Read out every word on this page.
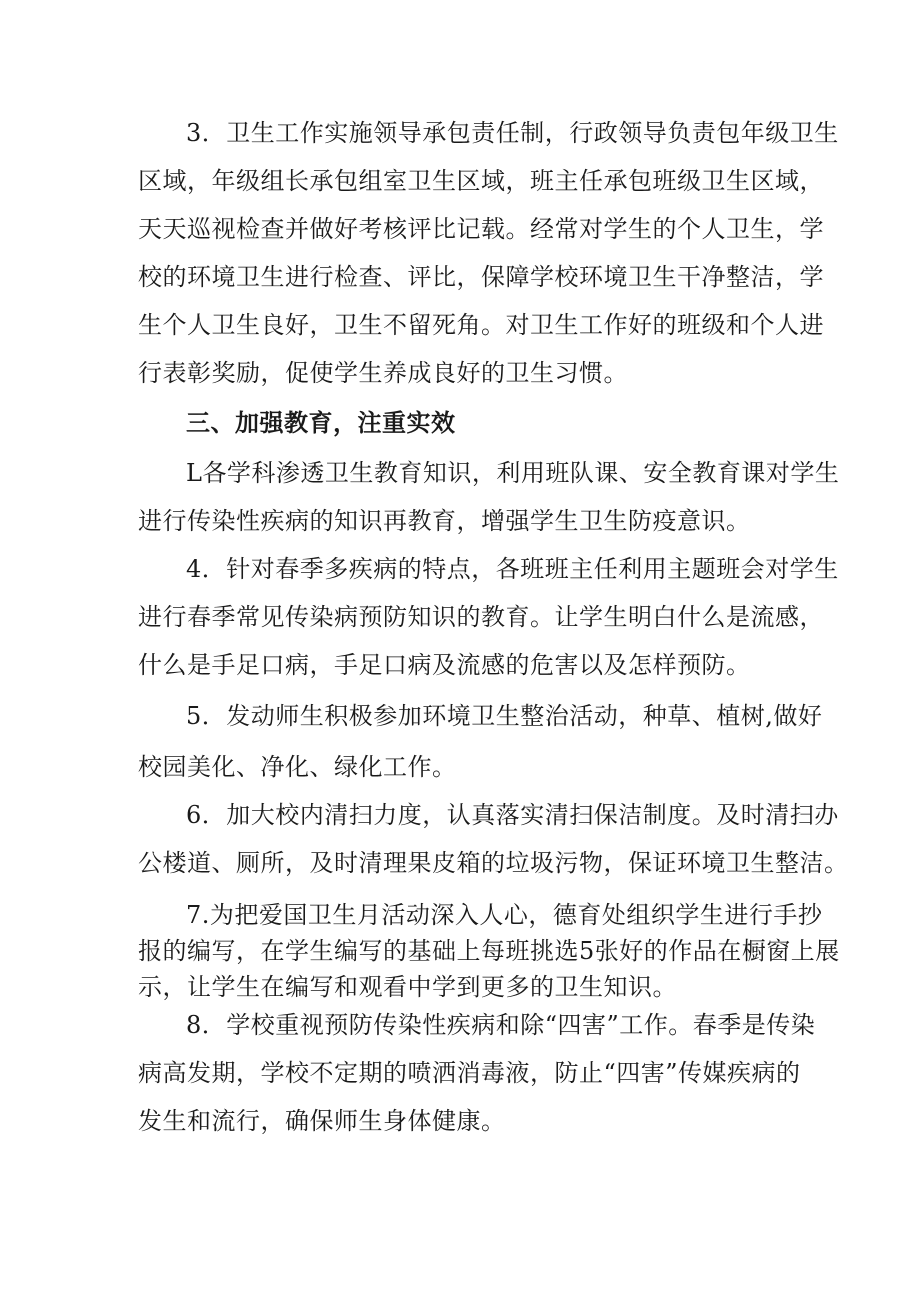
3．卫生工作实施领导承包责任制，行政领导负责包年级卫生
区域，年级组长承包组室卫生区域，班主任承包班级卫生区域，
天天巡视检查并做好考核评比记载。经常对学生的个人卫生，学
校的环境卫生进行检查、评比，保障学校环境卫生干净整洁，学
生个人卫生良好，卫生不留死角。对卫生工作好的班级和个人进
行表彰奖励，促使学生养成良好的卫生习惯。
三、加强教育，注重实效
L各学科渗透卫生教育知识，利用班队课、安全教育课对学生
进行传染性疾病的知识再教育，增强学生卫生防疫意识。
4．针对春季多疾病的特点，各班班主任利用主题班会对学生
进行春季常见传染病预防知识的教育。让学生明白什么是流感，
什么是手足口病，手足口病及流感的危害以及怎样预防。
5．发动师生积极参加环境卫生整治活动，种草、植树,做好
校园美化、净化、绿化工作。
6．加大校内清扫力度，认真落实清扫保洁制度。及时清扫办
公楼道、厕所，及时清理果皮箱的垃圾污物，保证环境卫生整洁。
7.为把爱国卫生月活动深入人心，德育处组织学生进行手抄
报的编写，在学生编写的基础上每班挑选5张好的作品在橱窗上展
示，让学生在编写和观看中学到更多的卫生知识。
8．学校重视预防传染性疾病和除“四害”工作。春季是传染
病高发期，学校不定期的喷洒消毒液，防止“四害”传媒疾病的
发生和流行，确保师生身体健康。
